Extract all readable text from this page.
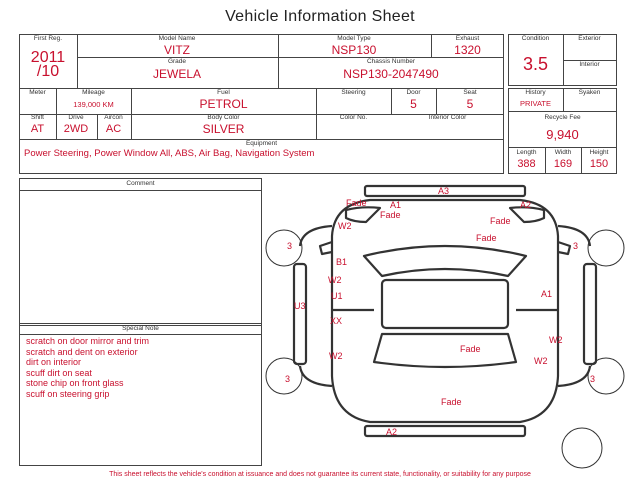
Vehicle Information Sheet
First Reg.
2011
/10
Model Name
VITZ
Model Type
NSP130
Exhaust
1320
Grade
JEWELA
Chassis Number
NSP130-2047490
Meter	Mileage
139,000 KM
Fuel
PETROL
Steering	Door
5
Seat
5
Shift
AT
Drive
2WD
Aircon
AC
Body Color
SILVER
Color No.	Interior Color
Equipment
Power Steering, Power Window All, ABS, Air Bag, Navigation System
Condition
3.5
Exterior
Interior
History
PRIVATE
Syaken
Recycle Fee
9,940
Length
388
Width
169
Height
150
Comment
Special Note
scratch on door mirror and trim
scratch and dent on exterior
dirt on interior
scuff dirt on seat
stone chip on front glass
scuff on steering grip
A3
Fade	A1	A2
Fade
W2	Fade
Fade
3	3
B1
W2
U1
U3
XX
A1
W2
Fade
W2	W2
3	3
Fade
A2
This sheet reflects the vehicle's condition at issuance and does not guarantee its current state, functionality, or suitability for any purpose
